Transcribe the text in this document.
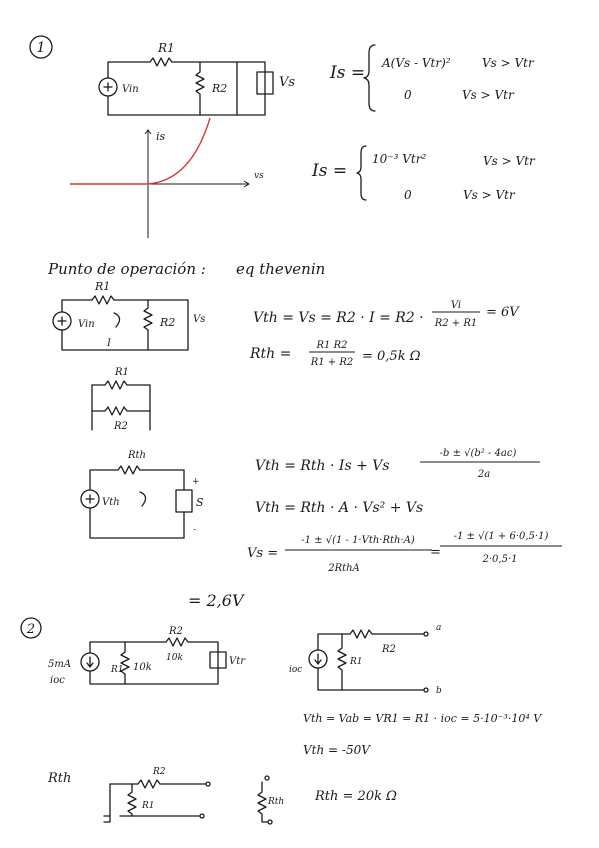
1	R1
Vin	R2	Vs Is = A(Vs - Vtr)²	Vs > Vtr
0	Vs > Vtr
is
vs	Is =
10⁻³ Vtr²	Vs > Vtr
0	Vs > Vtr
Punto de operación : eq thevenin
R1
Vin
I
R2 Vs	Vth = Vs = R2 · I = R2 ·
Vi
R2 + R1
= 6V
Rth =
R1 R2
R1 + R2 = 0,5k Ω
R1
R2
Rth
Vth
+
-
S
-b ± √(b² - 4ac)
2a
Vth = Rth · Is + Vs
Vth = Rth · A · Vs² + Vs
Vs =
-1 ± √(1 - 1·Vth·Rth·A)
2RthA
=
-1 ± √(1 + 6·0,5·1)
2·0,5·1
= 2,6V
2
5mA
ioc
R1 10k
R2
10k	Vtr
ioc
R1
R2
a
b
Vth = Vab = VR1 = R1 · ioc = 5·10⁻³·10⁴ V
Vth = -50V
Rth
R1
R2
Rth Rth = 20k Ω
